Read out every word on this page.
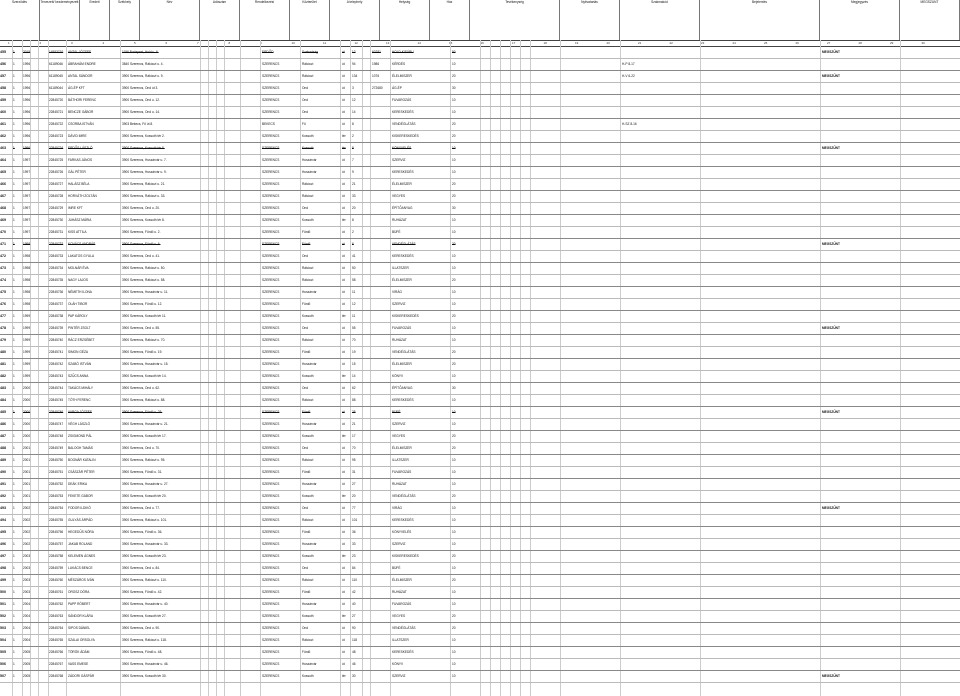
Szerződés	Tervezett/ kezdeményezett	Eredeti	Székhely	Név	Adószám	Rendelkezési	Közterület	A telephely	Helység	Ház	Tevékenység	Nyitvatartás	Szakmakód	Bejelentés	Megjegyzés	MEGSZŰNT
1	2	3	4	5	6	7	8	9	10	11	12	13	14	15	16	17	18	19	20	21	22	23	24	25	26	27	28	29	30
455	1	2015	14553710	ANTAL JÓZSEF	1196 Budapest, Hold u. 6.	ERDŐD	Szabadság	út	12	60781	HOLD KISÁRU	50	MEGSZŰNT
456	1	1996	61189046	ÁBRAHÁM ENDRE	3840 Szerencs, Rákóczi u. 4.	SZERENCS	Rákóczi	út	94	1986	KÉRDÉS	10	H-P 8-17
457	1	1996	61189045	ANTAL SÁNDOR	3900 Szerencs, Rákóczi u. 9.	SZERENCS	Rákóczi	út	134	1076	ÉLELMISZER	20	H-V 6-22	MEGSZŰNT
458	1	1996	61189044	ÁG-ÉP KFT	3900 Szerencs, Ond út 3.	SZERENCS	Ond	út	3	272680	ÁG-ÉP	30
459	1	1996	22845720	BÁTHORI FERENC	3900 Szerencs, Ond u. 12.	SZERENCS	Ond	út	12	FUVAROZÁS	10
460	1	1996	22845721	BENCZE GÁBOR	3900 Szerencs, Ond u. 14.	SZERENCS	Ond	út	14	KERESKEDÉS	10
461	1	1996	22845722	CSORBA ISTVÁN	3903 Bekecs, Fő út 8.	BEKECS	Fő	út	8	VENDÉGLÁTÁS	20	H-SZ 8-16
462	1	1996	22845723	DÁVID IMRE	3900 Szerencs, Kossuth tér 2.	SZERENCS	Kossuth	tér	2	KISKERESKEDÉS	20
463	1	1996	22845724	ERDŐS LÁSZLÓ	3900 Szerencs, Kossuth tér 5.	SZERENCS	Kossuth	tér	5	KÖNYVELÉS	10	MEGSZŰNT
464	1	1997	22845725	FARKAS JÁNOS	3900 Szerencs, Huszárvár u. 7.	SZERENCS	Huszárvár	út	7	SZERVIZ	10
465	1	1997	22845726	GÁL PÉTER	3900 Szerencs, Huszárvár u. 9.	SZERENCS	Huszárvár	út	9	KERESKEDÉS	10
466	1	1997	22845727	HALÁSZ BÉLA	3900 Szerencs, Rákóczi u. 21.	SZERENCS	Rákóczi	út	21	ÉLELMISZER	20
467	1	1997	22845728	HORVÁTH ZOLTÁN	3900 Szerencs, Rákóczi u. 33.	SZERENCS	Rákóczi	út	33	VEGYES	20
468	1	1997	22845729	IMRE KFT	3900 Szerencs, Ond u. 20.	SZERENCS	Ond	út	20	ÉPÍTŐANYAG	30
469	1	1997	22845730	JUHÁSZ MÁRIA	3900 Szerencs, Kossuth tér 8.	SZERENCS	Kossuth	tér	8	RUHÁZAT	10
470	1	1997	22845731	KISS ATTILA	3900 Szerencs, Fürdő u. 2.	SZERENCS	Fürdő	út	2	BÜFÉ	10
471	1	1998	22845732	KOVÁCS ANDRÁS	3900 Szerencs, Fürdő u. 6.	SZERENCS	Fürdő	út	6	VENDÉGLÁTÁS	20	MEGSZŰNT
472	1	1998	22845733	LAKATOS GYULA	3900 Szerencs, Ond u. 41.	SZERENCS	Ond	út	41	KERESKEDÉS	10
473	1	1998	22845734	MOLNÁR ÉVA	3900 Szerencs, Rákóczi u. 50.	SZERENCS	Rákóczi	út	50	ILLATSZER	10
474	1	1998	22845735	NAGY LAJOS	3900 Szerencs, Rákóczi u. 58.	SZERENCS	Rákóczi	út	58	ÉLELMISZER	20
475	1	1998	22845736	NÉMETH ILONA	3900 Szerencs, Huszárvár u. 11.	SZERENCS	Huszárvár	út	11	VIRÁG	10
476	1	1998	22845737	OLÁH TIBOR	3900 Szerencs, Fürdő u. 12.	SZERENCS	Fürdő	út	12	SZERVIZ	10
477	1	1999	22845738	PAP KÁROLY	3900 Szerencs, Kossuth tér 11.	SZERENCS	Kossuth	tér	11	KISKERESKEDÉS	20
478	1	1999	22845739	PINTÉR ZSOLT	3900 Szerencs, Ond u. 55.	SZERENCS	Ond	út	55	FUVAROZÁS	10	MEGSZŰNT
479	1	1999	22845740	RÁCZ ERZSÉBET	3900 Szerencs, Rákóczi u. 70.	SZERENCS	Rákóczi	út	70	RUHÁZAT	10
480	1	1999	22845741	SIMON GÉZA	3900 Szerencs, Fürdő u. 19.	SZERENCS	Fürdő	út	19	VENDÉGLÁTÁS	20
481	1	1999	22845742	SZABÓ ISTVÁN	3900 Szerencs, Huszárvár u. 15.	SZERENCS	Huszárvár	út	15	ÉLELMISZER	20
482	1	1999	22845743	SZŰCS ANNA	3900 Szerencs, Kossuth tér 14.	SZERENCS	Kossuth	tér	14	KÖNYV	10
483	1	2000	22845744	TAKÁCS MIHÁLY	3900 Szerencs, Ond u. 62.	SZERENCS	Ond	út	62	ÉPÍTŐANYAG	30
484	1	2000	22845745	TÓTH FERENC	3900 Szerencs, Rákóczi u. 88.	SZERENCS	Rákóczi	út	88	KERESKEDÉS	10
485	1	2000	22845746	VARGA JÓZSEF	3900 Szerencs, Fürdő u. 25.	SZERENCS	Fürdő	út	25	BÜFÉ	10	MEGSZŰNT
486	1	2000	22845747	VÉGH LÁSZLÓ	3900 Szerencs, Huszárvár u. 21.	SZERENCS	Huszárvár	út	21	SZERVIZ	10
487	1	2000	22845748	ZSIGMOND PÁL	3900 Szerencs, Kossuth tér 17.	SZERENCS	Kossuth	tér	17	VEGYES	20
488	1	2001	22845749	BALOGH TAMÁS	3900 Szerencs, Ond u. 70.	SZERENCS	Ond	út	70	ÉLELMISZER	20
489	1	2001	22845750	BOGNÁR KATALIN	3900 Szerencs, Rákóczi u. 95.	SZERENCS	Rákóczi	út	95	ILLATSZER	10
490	1	2001	22845751	CSÁSZÁR PÉTER	3900 Szerencs, Fürdő u. 31.	SZERENCS	Fürdő	út	31	FUVAROZÁS	10
491	1	2001	22845752	DEÁK ERIKA	3900 Szerencs, Huszárvár u. 27.	SZERENCS	Huszárvár	út	27	RUHÁZAT	10
492	1	2001	22845753	FEKETE GÁBOR	3900 Szerencs, Kossuth tér 20.	SZERENCS	Kossuth	tér	20	VENDÉGLÁTÁS	20
493	1	2002	22845754	FODOR ILDIKÓ	3900 Szerencs, Ond u. 77.	SZERENCS	Ond	út	77	VIRÁG	10	MEGSZŰNT
494	1	2002	22845755	GULYÁS ÁRPÁD	3900 Szerencs, Rákóczi u. 101.	SZERENCS	Rákóczi	út	101	KERESKEDÉS	10
495	1	2002	22845756	HEGEDŰS NÓRA	3900 Szerencs, Fürdő u. 36.	SZERENCS	Fürdő	út	36	KÖNYVELÉS	10
496	1	2002	22845757	JAKAB ROLAND	3900 Szerencs, Huszárvár u. 33.	SZERENCS	Huszárvár	út	33	SZERVIZ	10
497	1	2003	22845758	KELEMEN ÁGNES	3900 Szerencs, Kossuth tér 23.	SZERENCS	Kossuth	tér	23	KISKERESKEDÉS	20
498	1	2003	22845759	LUKÁCS BENCE	3900 Szerencs, Ond u. 84.	SZERENCS	Ond	út	84	BÜFÉ	10
499	1	2003	22845760	MÉSZÁROS IVÁN	3900 Szerencs, Rákóczi u. 110.	SZERENCS	Rákóczi	út	110	ÉLELMISZER	20
500	1	2003	22845761	OROSZ DÓRA	3900 Szerencs, Fürdő u. 42.	SZERENCS	Fürdő	út	42	RUHÁZAT	10
501	1	2004	22845762	PAPP RÓBERT	3900 Szerencs, Huszárvár u. 40.	SZERENCS	Huszárvár	út	40	FUVAROZÁS	10
502	1	2004	22845763	SÁNDOR KLÁRA	3900 Szerencs, Kossuth tér 27.	SZERENCS	Kossuth	tér	27	VEGYES	20
503	1	2004	22845764	SIPOS DÁNIEL	3900 Szerencs, Ond u. 90.	SZERENCS	Ond	út	90	VENDÉGLÁTÁS	20
504	1	2004	22845765	SZALAI ORSOLYA	3900 Szerencs, Rákóczi u. 118.	SZERENCS	Rákóczi	út	118	ILLATSZER	10
505	1	2005	22845766	TÖRÖK ÁDÁM	3900 Szerencs, Fürdő u. 48.	SZERENCS	Fürdő	út	48	KERESKEDÉS	10
506	1	2005	22845767	VASS EMESE	3900 Szerencs, Huszárvár u. 46.	SZERENCS	Huszárvár	út	46	KÖNYV	10
507	1	2005	22845768	ZÁDORI GÁSPÁR	3900 Szerencs, Kossuth tér 30.	SZERENCS	Kossuth	tér	30	SZERVIZ	10	MEGSZŰNT
